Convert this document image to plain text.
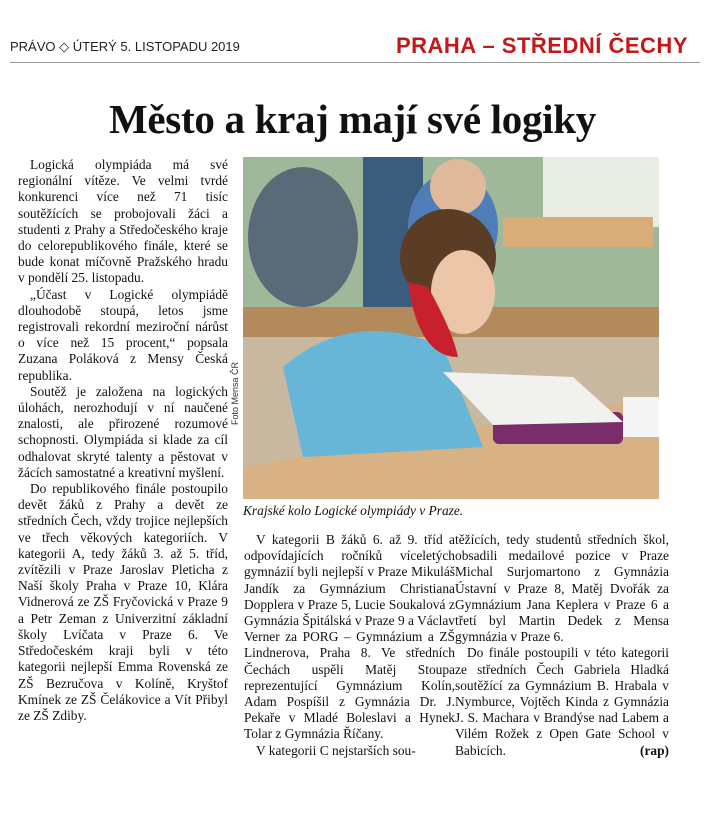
PRÁVO ◇ ÚTERÝ 5. LISTOPADU 2019	PRAHA – STŘEDNÍ ČECHY
Město a kraj mají své logiky

Logická olympiáda má své regionální vítěze. Ve velmi tvrdé konkurenci více než 71 tisíc soutěžících se probojovali žáci a studenti z Prahy a Středočeského kraje do celorepublikového finále, které se bude konat míčovně Pražského hradu v pondělí 25. listopadu.

„Účast v Logické olympiádě dlouhodobě stoupá, letos jsme registrovali rekordní meziroční nárůst o více než 15 procent,“ popsala Zuzana Poláková z Mensy Česká republika.

Soutěž je založena na logických úlohách, nerozhodují v ní naučené znalosti, ale přirozené rozumové schopnosti. Olympiáda si klade za cíl odhalovat skryté talenty a pěstovat v žácích samostatné a kreativní myšlení.

Do republikového finále postoupilo devět žáků z Prahy a devět ze středních Čech, vždy trojice nejlepších ve třech věkových kategoriích. V kategorii A, tedy žáků 3. až 5. tříd, zvítězili v Praze Jaroslav Pleticha z Naší školy Praha v Praze 10, Klára Vidnerová ze ZŠ Fryčovická v Praze 9 a Petr Zeman z Univerzitní základní školy Lvíčata v Praze 6. Ve Středočeském kraji byli v této kategorii nejlepší Emma Rovenská ze ZŠ Bezručova v Kolíně, Kryštof Kmínek ze ZŠ Čelákovice a Vít Přibyl ze ZŠ Zdiby.

Foto Mensa ČR
Krajské kolo Logické olympiády v Praze.

V kategorii B žáků 6. až 9. tříd a odpovídajících ročníků víceletých gymnázií byli nejlepší v Praze Mikuláš Jandík za Gymnázium Christiana Dopplera v Praze 5, Lucie Soukalová z Gymnázia Špitálská v Praze 9 a Václav Verner za PORG – Gymnázium a ZŠ Lindnerova, Praha 8. Ve středních Čechách uspěli Matěj Stoupa reprezentující Gymnázium Kolín, Adam Pospíšil z Gymnázia Dr. J. Pekaře v Mladé Boleslavi a Hynek Tolar z Gymnázia Říčany.

V kategorii C nejstarších sou-

těžících, tedy studentů středních škol, obsadili medailové pozice v Praze Michal Surjomartono z Gymnázia Ústavní v Praze 8, Matěj Dvořák za Gymnázium Jana Keplera v Praze 6 a třetí byl Martin Dedek z Mensa gymnázia v Praze 6.

Do finále postoupili v této kategorii ze středních Čech Gabriela Hladká soutěžící za Gymnázium B. Hrabala v Nymburce, Vojtěch Kinda z Gymnázia J. S. Machara v Brandýse nad Labem a Vilém Rožek z Open Gate School v Babicích.	(rap)
